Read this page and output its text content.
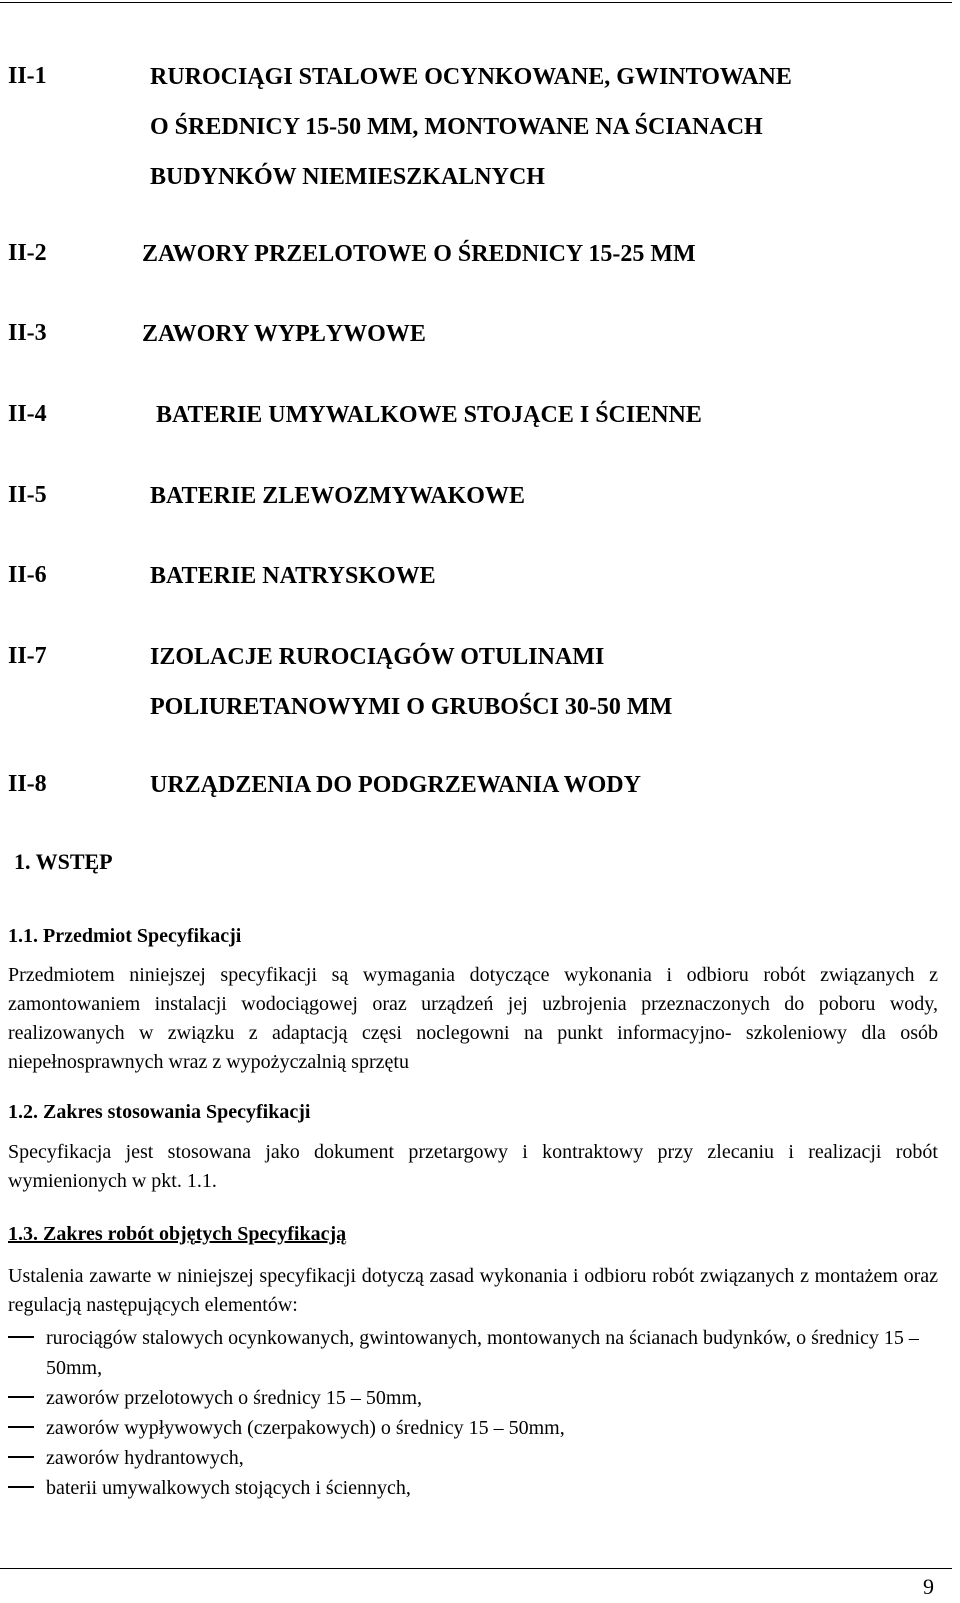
II-1	RUROCIĄGI STALOWE OCYNKOWANE, GWINTOWANE
O ŚREDNICY 15-50 MM, MONTOWANE NA ŚCIANACH
BUDYNKÓW NIEMIESZKALNYCH
II-2	ZAWORY PRZELOTOWE O ŚREDNICY 15-25 MM
II-3	ZAWORY WYPŁYWOWE
II-4	BATERIE UMYWALKOWE STOJĄCE I ŚCIENNE
II-5	BATERIE ZLEWOZMYWAKOWE
II-6	BATERIE NATRYSKOWE
II-7	IZOLACJE RUROCIĄGÓW OTULINAMI
POLIURETANOWYMI O GRUBOŚCI 30-50 MM
II-8	URZĄDZENIA DO PODGRZEWANIA WODY
1. WSTĘP
1.1. Przedmiot Specyfikacji
Przedmiotem niniejszej specyfikacji są wymagania dotyczące wykonania i odbioru robót związanych z zamontowaniem instalacji wodociągowej oraz urządzeń jej uzbrojenia przeznaczonych do poboru wody, realizowanych w związku z adaptacją częsi noclegowni na punkt informacyjno- szkoleniowy dla osób niepełnosprawnych wraz z wypożyczalnią sprzętu
1.2. Zakres stosowania Specyfikacji
Specyfikacja jest stosowana jako dokument przetargowy i kontraktowy przy zlecaniu i realizacji robót wymienionych w pkt. 1.1.
1.3. Zakres robót objętych Specyfikacją
Ustalenia zawarte w niniejszej specyfikacji dotyczą zasad wykonania i odbioru robót związanych z montażem oraz regulacją następujących elementów:
rurociągów stalowych ocynkowanych, gwintowanych, montowanych na ścianach budynków, o średnicy 15 – 50mm,
zaworów przelotowych o średnicy 15 – 50mm,
zaworów wypływowych (czerpakowych) o średnicy 15 – 50mm,
zaworów hydrantowych,
baterii umywalkowych stojących i ściennych,
9
